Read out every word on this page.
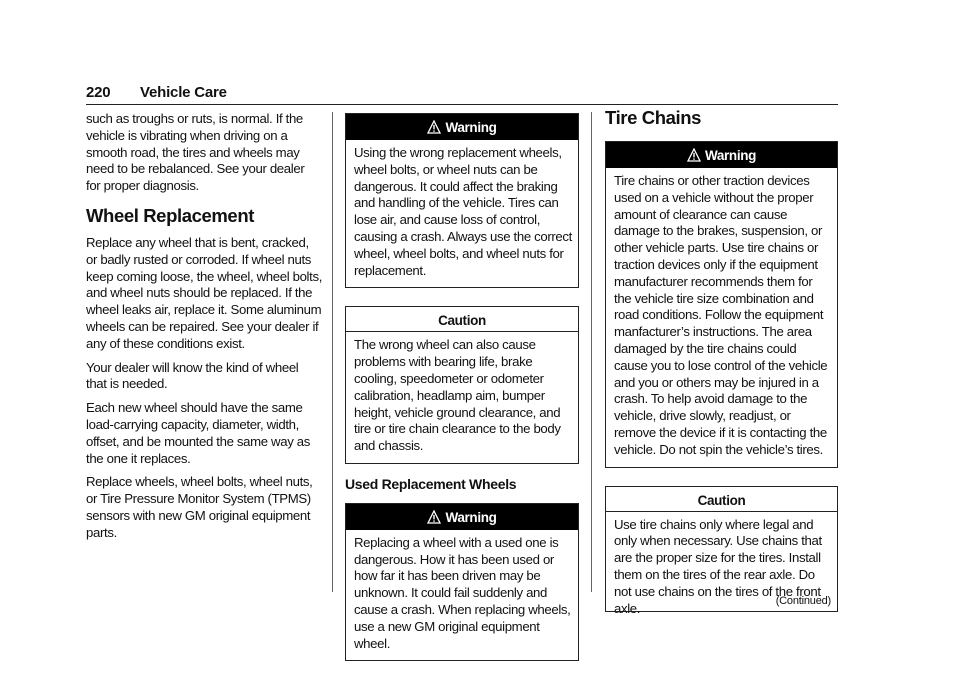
220 Vehicle Care

such as troughs or ruts, is normal. If the vehicle is vibrating when driving on a smooth road, the tires and wheels may need to be rebalanced. See your dealer for proper diagnosis.

Wheel Replacement

Replace any wheel that is bent, cracked, or badly rusted or corroded. If wheel nuts keep coming loose, the wheel, wheel bolts, and wheel nuts should be replaced. If the wheel leaks air, replace it. Some aluminum wheels can be repaired. See your dealer if any of these conditions exist.

Your dealer will know the kind of wheel that is needed.

Each new wheel should have the same load-carrying capacity, diameter, width, offset, and be mounted the same way as the one it replaces.

Replace wheels, wheel bolts, wheel nuts, or Tire Pressure Monitor System (TPMS) sensors with new GM original equipment parts.

Warning
Using the wrong replacement wheels, wheel bolts, or wheel nuts can be dangerous. It could affect the braking and handling of the vehicle. Tires can lose air, and cause loss of control, causing a crash. Always use the correct wheel, wheel bolts, and wheel nuts for replacement.
Caution
The wrong wheel can also cause problems with bearing life, brake cooling, speedometer or odometer calibration, headlamp aim, bumper height, vehicle ground clearance, and tire or tire chain clearance to the body and chassis.
Used Replacement Wheels
Warning
Replacing a wheel with a used one is dangerous. How it has been used or how far it has been driven may be unknown. It could fail suddenly and cause a crash. When replacing wheels, use a new GM original equipment wheel.
Tire Chains
Warning
Tire chains or other traction devices used on a vehicle without the proper amount of clearance can cause damage to the brakes, suspension, or other vehicle parts. Use tire chains or traction devices only if the equipment manufacturer recommends them for the vehicle tire size combination and road conditions. Follow the equipment manfacturer’s instructions. The area damaged by the tire chains could cause you to lose control of the vehicle and you or others may be injured in a crash. To help avoid damage to the vehicle, drive slowly, readjust, or remove the device if it is contacting the vehicle. Do not spin the vehicle’s tires.
Caution
Use tire chains only where legal and only when necessary. Use chains that are the proper size for the tires. Install them on the tires of the rear axle. Do not use chains on the tires of the front axle.	(Continued)
